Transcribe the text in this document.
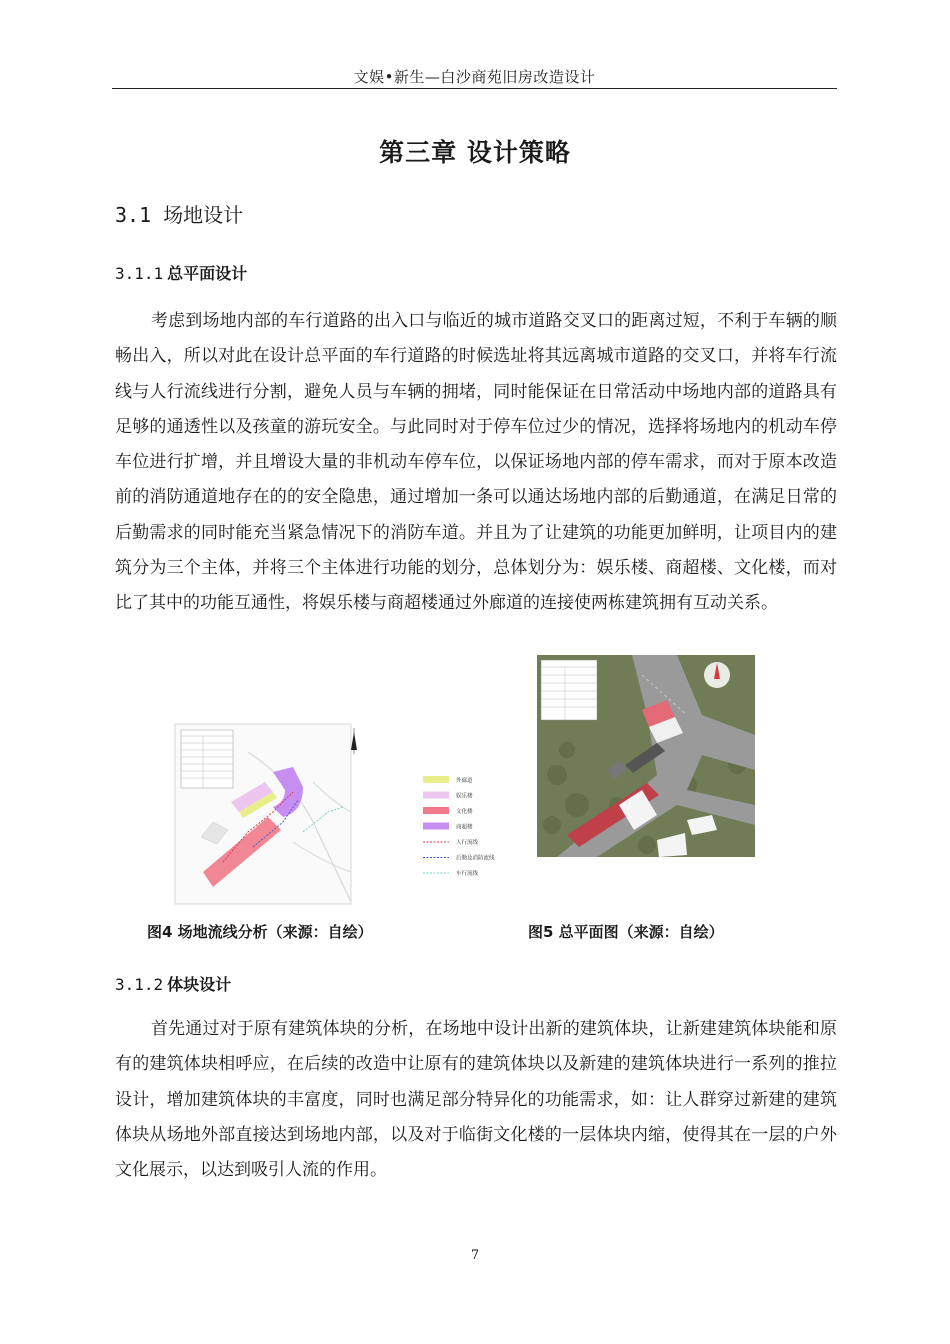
文娱•新生—白沙商苑旧房改造设计
第三章 设计策略
3.1 场地设计
3.1.1 总平面设计
考虑到场地内部的车行道路的出入口与临近的城市道路交叉口的距离过短，不利于车辆的顺畅出入，所以对此在设计总平面的车行道路的时候选址将其远离城市道路的交叉口，并将车行流线与人行流线进行分割，避免人员与车辆的拥堵，同时能保证在日常活动中场地内部的道路具有足够的通透性以及孩童的游玩安全。与此同时对于停车位过少的情况，选择将场地内的机动车停车位进行扩增，并且增设大量的非机动车停车位，以保证场地内部的停车需求，而对于原本改造前的消防通道地存在的的安全隐患，通过增加一条可以通达场地内部的后勤通道，在满足日常的后勤需求的同时能充当紧急情况下的消防车道。并且为了让建筑的功能更加鲜明，让项目内的建筑分为三个主体，并将三个主体进行功能的划分，总体划分为：娱乐楼、商超楼、文化楼，而对比了其中的功能互通性，将娱乐楼与商超楼通过外廊道的连接使两栋建筑拥有互动关系。
外廊道
娱乐楼
文化楼
商超楼
人行流线
后勤及消防流线
车行流线
图4 场地流线分析（来源：自绘）	图5 总平面图（来源：自绘）
3.1.2 体块设计
首先通过对于原有建筑体块的分析，在场地中设计出新的建筑体块，让新建建筑体块能和原有的建筑体块相呼应，在后续的改造中让原有的建筑体块以及新建的建筑体块进行一系列的推拉设计，增加建筑体块的丰富度，同时也满足部分特异化的功能需求，如：让人群穿过新建的建筑体块从场地外部直接达到场地内部，以及对于临街文化楼的一层体块内缩，使得其在一层的户外文化展示，以达到吸引人流的作用。
7
